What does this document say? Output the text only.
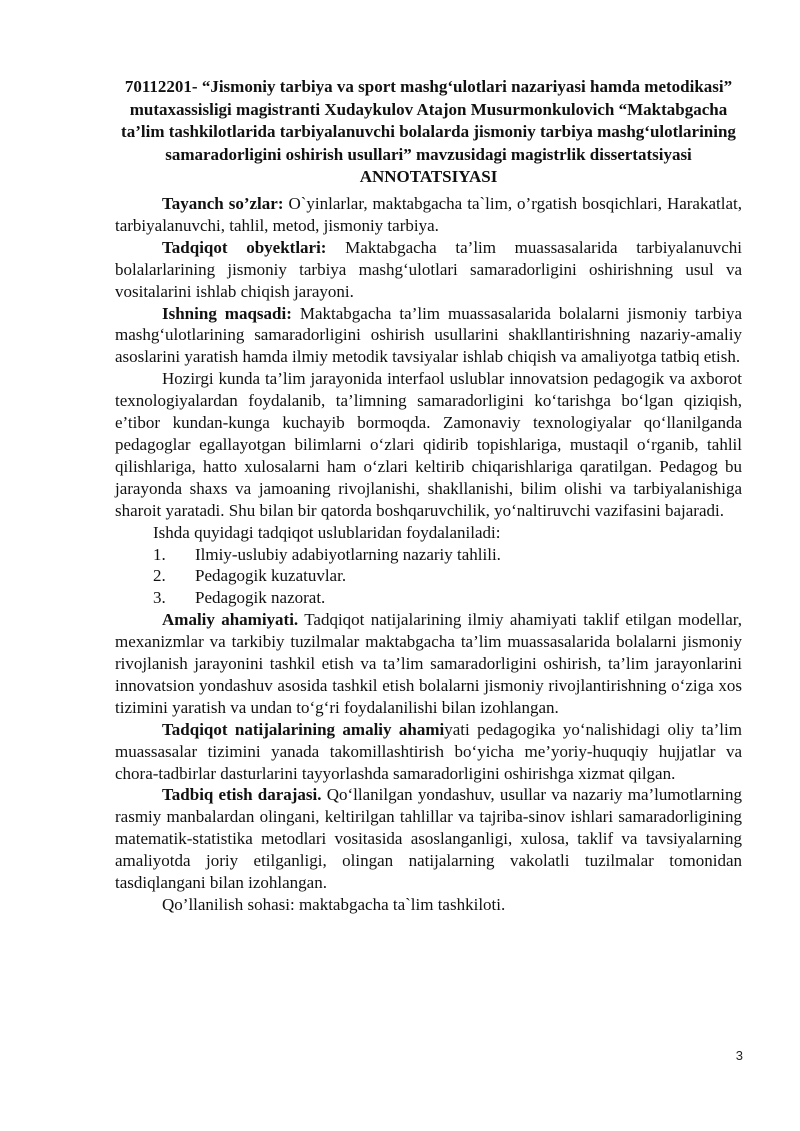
70112201- “Jismoniy tarbiya va sport mashg‘ulotlari nazariyasi hamda metodikasi” mutaxassisligi magistranti Xudaykulov Atajon Musurmonkulovich “Maktabgacha ta’lim tashkilotlarida tarbiyalanuvchi bolalarda jismoniy tarbiya mashg‘ulotlarining samaradorligini oshirish usullari” mavzusidagi magistrlik dissertatsiyasi

ANNOTATSIYASI

Tayanch so’zlar: O`yinlarlar, maktabgacha ta`lim, o’rgatish bosqichlari, Harakatlat, tarbiyalanuvchi, tahlil, metod, jismoniy tarbiya.

Tadqiqot obyektlari: Maktabgacha ta’lim muassasalarida tarbiyalanuvchi bolalarlarining jismoniy tarbiya mashg‘ulotlari samaradorligini oshirishning usul va vositalarini ishlab chiqish jarayoni.

Ishning maqsadi: Maktabgacha ta’lim muassasalarida bolalarni jismoniy tarbiya mashg‘ulotlarining samaradorligini oshirish usullarini shakllantirishning nazariy-amaliy asoslarini yaratish hamda ilmiy metodik tavsiyalar ishlab chiqish va amaliyotga tatbiq etish.

Hozirgi kunda ta’lim jarayonida interfaol uslublar innovatsion pedagogik va axborot texnologiyalardan foydalanib, ta’limning samaradorligini ko‘tarishga bo‘lgan qiziqish, e’tibor kundan-kunga kuchayib bormoqda. Zamonaviy texnologiyalar qo‘llanilganda pedagoglar egallayotgan bilimlarni o‘zlari qidirib topishlariga, mustaqil o‘rganib, tahlil qilishlariga, hatto xulosalarni ham o‘zlari keltirib chiqarishlariga qaratilgan. Pedagog bu jarayonda shaxs va jamoaning rivojlanishi, shakllanishi, bilim olishi va tarbiyalanishiga sharoit yaratadi. Shu bilan bir qatorda boshqaruvchilik, yo‘naltiruvchi vazifasini bajaradi.

Ishda quyidagi tadqiqot uslublaridan foydalaniladi:

1.	Ilmiy-uslubiy adabiyotlarning nazariy tahlili.
2.	Pedagogik kuzatuvlar.
3.	Pedagogik nazorat.

Amaliy ahamiyati. Tadqiqot natijalarining ilmiy ahamiyati taklif etilgan modellar, mexanizmlar va tarkibiy tuzilmalar maktabgacha ta’lim muassasalarida bolalarni jismoniy rivojlanish jarayonini tashkil etish va ta’lim samaradorligini oshirish, ta’lim jarayonlarini innovatsion yondashuv asosida tashkil etish bolalarni jismoniy rivojlantirishning o‘ziga xos tizimini yaratish va undan to‘g‘ri foydalanilishi bilan izohlangan.

Tadqiqot natijalarining amaliy ahamiyati pedagogika yo‘nalishidagi oliy ta’lim muassasalar tizimini yanada takomillashtirish bo‘yicha me’yoriy-huquqiy hujjatlar va chora-tadbirlar dasturlarini tayyorlashda samaradorligini oshirishga xizmat qilgan.

Tadbiq etish darajasi. Qo‘llanilgan yondashuv, usullar va nazariy ma’lumotlarning rasmiy manbalardan olingani, keltirilgan tahlillar va tajriba-sinov ishlari samaradorligining matematik-statistika metodlari vositasida asoslanganligi, xulosa, taklif va tavsiyalarning amaliyotda joriy etilganligi, olingan natijalarning vakolatli tuzilmalar tomonidan tasdiqlangani bilan izohlangan.

Qo’llanilish sohasi: maktabgacha ta`lim tashkiloti.

3
